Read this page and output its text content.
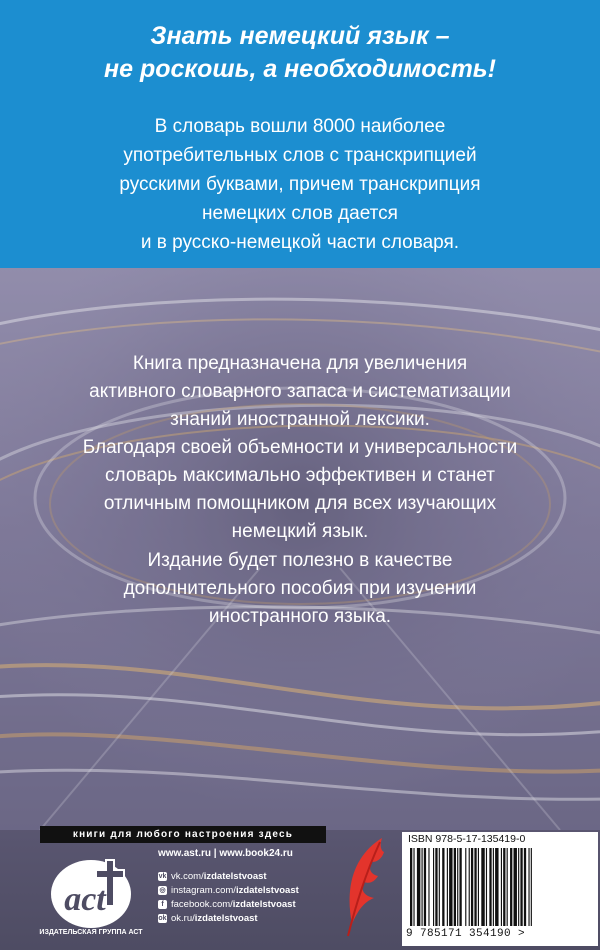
Знать немецкий язык –
не роскошь, а необходимость!
В словарь вошли 8000 наиболее
употребительных слов с транскрипцией
русскими буквами, причем транскрипция
немецких слов дается
и в русско-немецкой части словаря.
Книга предназначена для увеличения
активного словарного запаса и систематизации
знаний иностранной лексики.
Благодаря своей объемности и универсальности
словарь максимально эффективен и станет
отличным помощником для всех изучающих
немецкий язык.
Издание будет полезно в качестве
дополнительного пособия при изучении
иностранного языка.
книги для любого настроения здесь
act
ИЗДАТЕЛЬСКАЯ ГРУППА АСТ
www.ast.ru | www.book24.ru
vk vk.com/ izdatelstvoast
◎ instagram.com/ izdatelstvoast
f facebook.com/ izdatelstvoast
ok ok.ru/ izdatelstvoast
ISBN 978-5-17-135419-0
9 785171 354190 >
